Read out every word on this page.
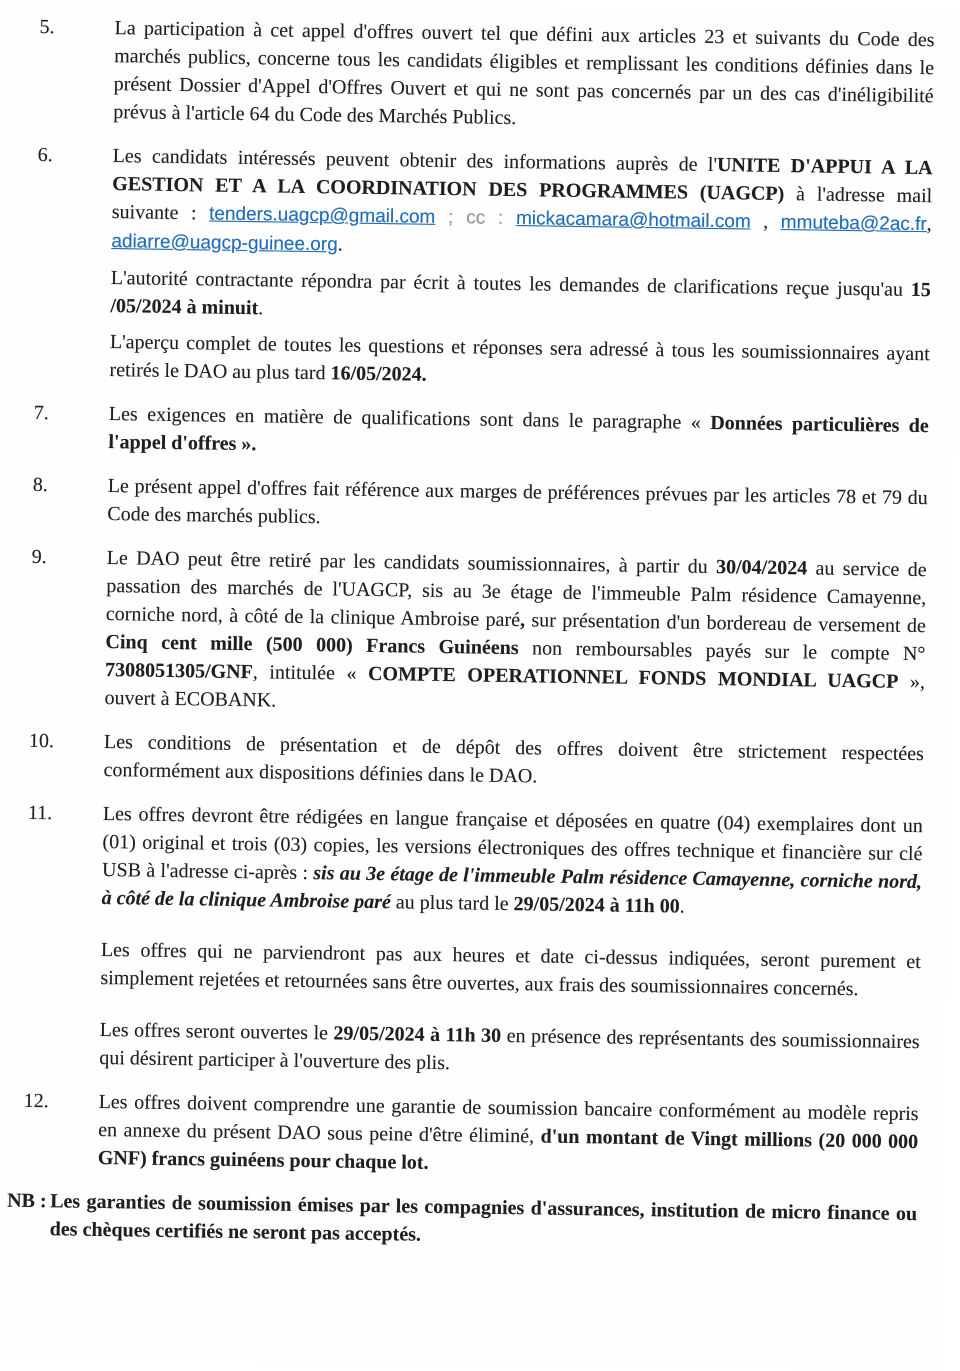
5.	La participation à cet appel d'offres ouvert tel que défini aux articles 23 et suivants du Code des marchés publics, concerne tous les candidats éligibles et remplissant les conditions définies dans le présent Dossier d'Appel d'Offres Ouvert et qui ne sont pas concernés par un des cas d'inéligibilité prévus à l'article 64 du Code des Marchés Publics.
6.	Les candidats intéressés peuvent obtenir des informations auprès de l'UNITE D'APPUI A LA GESTION ET A LA COORDINATION DES PROGRAMMES (UAGCP) à l'adresse mail suivante : tenders.uagcp@gmail.com ; cc : mickacamara@hotmail.com , mmuteba@2ac.fr, adiarre@uagcp-guinee.org.
L'autorité contractante répondra par écrit à toutes les demandes de clarifications reçue jusqu'au 15 /05/2024 à minuit.
L'aperçu complet de toutes les questions et réponses sera adressé à tous les soumissionnaires ayant retirés le DAO au plus tard 16/05/2024.
7.	Les exigences en matière de qualifications sont dans le paragraphe « Données particulières de l'appel d'offres ».
8.	Le présent appel d'offres fait référence aux marges de préférences prévues par les articles 78 et 79 du Code des marchés publics.
9.	Le DAO peut être retiré par les candidats soumissionnaires, à partir du 30/04/2024 au service de passation des marchés de l'UAGCP, sis au 3e étage de l'immeuble Palm résidence Camayenne, corniche nord, à côté de la clinique Ambroise paré, sur présentation d'un bordereau de versement de Cinq cent mille (500 000) Francs Guinéens non remboursables payés sur le compte N° 7308051305/GNF, intitulée « COMPTE OPERATIONNEL FONDS MONDIAL UAGCP », ouvert à ECOBANK.
10.	Les conditions de présentation et de dépôt des offres doivent être strictement respectées conformément aux dispositions définies dans le DAO.
11.	Les offres devront être rédigées en langue française et déposées en quatre (04) exemplaires dont un (01) original et trois (03) copies, les versions électroniques des offres technique et financière sur clé USB à l'adresse ci-après : sis au 3e étage de l'immeuble Palm résidence Camayenne, corniche nord, à côté de la clinique Ambroise paré au plus tard le 29/05/2024 à 11h 00.
Les offres qui ne parviendront pas aux heures et date ci-dessus indiquées, seront purement et simplement rejetées et retournées sans être ouvertes, aux frais des soumissionnaires concernés.
Les offres seront ouvertes le 29/05/2024 à 11h 30 en présence des représentants des soumissionnaires qui désirent participer à l'ouverture des plis.
12.	Les offres doivent comprendre une garantie de soumission bancaire conformément au modèle repris en annexe du présent DAO sous peine d'être éliminé, d'un montant de Vingt millions (20 000 000 GNF) francs guinéens pour chaque lot.
NB : Les garanties de soumission émises par les compagnies d'assurances, institution de micro finance ou des chèques certifiés ne seront pas acceptés.
